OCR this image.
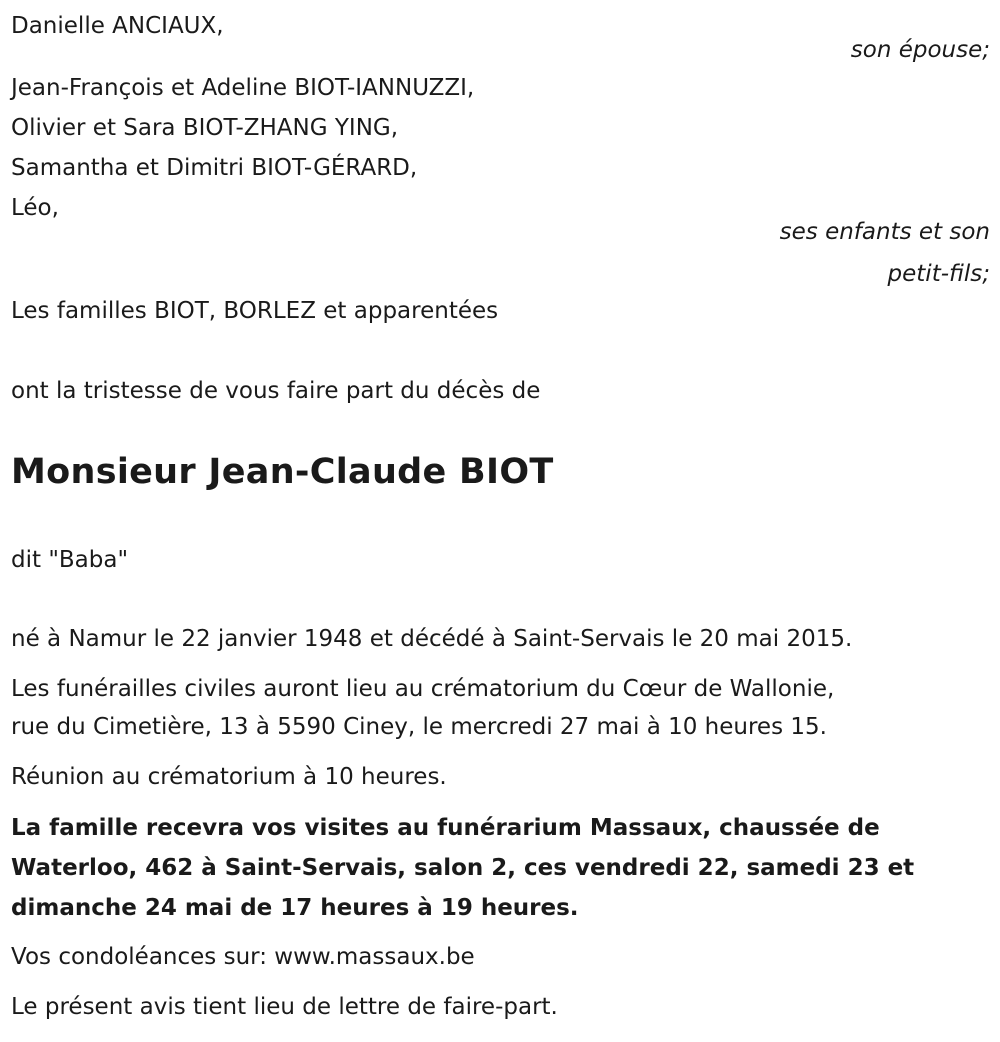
Danielle ANCIAUX,
son épouse;
Jean-François et Adeline BIOT-IANNUZZI,
Olivier et Sara BIOT-ZHANG YING,
Samantha et Dimitri BIOT-GÉRARD,
Léo,
ses enfants et son
petit-fils;
Les familles BIOT, BORLEZ et apparentées
ont la tristesse de vous faire part du décès de
Monsieur Jean-Claude BIOT
dit "Baba"
né à Namur le 22 janvier 1948 et décédé à Saint-Servais le 20 mai 2015.
Les funérailles civiles auront lieu au crématorium du Cœur de Wallonie,
rue du Cimetière, 13 à 5590 Ciney, le mercredi 27 mai à 10 heures 15.
Réunion au crématorium à 10 heures.
La famille recevra vos visites au funérarium Massaux, chaussée de
Waterloo, 462 à Saint-Servais, salon 2, ces vendredi 22, samedi 23 et
dimanche 24 mai de 17 heures à 19 heures.
Vos condoléances sur: www.massaux.be
Le présent avis tient lieu de lettre de faire-part.
